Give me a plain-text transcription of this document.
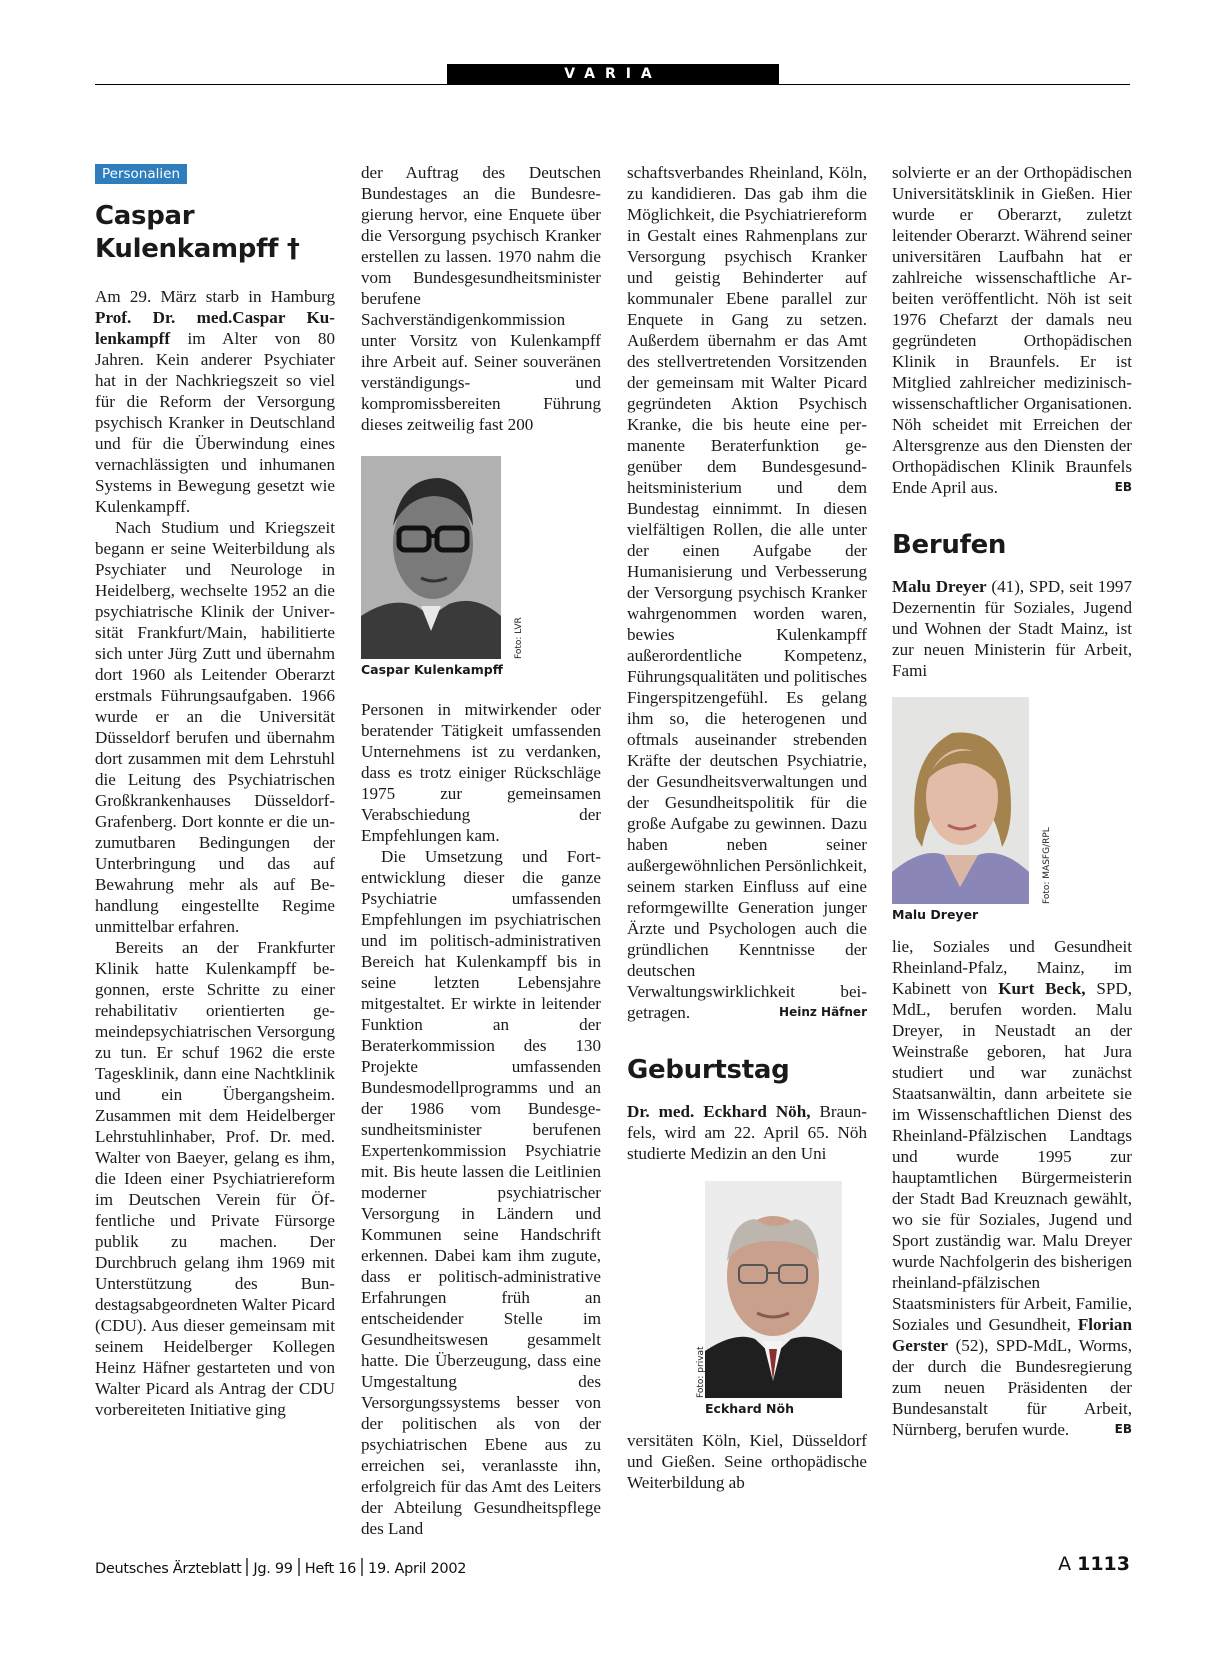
VARIA
Personalien
Caspar
Kulenkampff †

Am 29. März starb in Hamburg Prof. Dr. med.Caspar Kulenkampff im Alter von 80 Jahren. Kein anderer Psychiater hat in der Nachkriegszeit so viel für die Reform der Versorgung psychisch Kranker in Deutschland und für die Überwindung eines vernachlässigten und inhumanen Systems in Bewegung gesetzt wie Kulenkampff.

Nach Studium und Kriegszeit begann er seine Weiterbildung als Psychiater und Neurologe in Heidelberg, wechselte 1952 an die psychiatrische Klinik der Universität Frankfurt/Main, habilitierte sich unter Jürg Zutt und übernahm dort 1960 als Leitender Oberarzt erstmals Führungsaufgaben. 1966 wurde er an die Universität Düsseldorf berufen und übernahm dort zusammen mit dem Lehrstuhl die Leitung des Psychiatrischen Großkrankenhauses Düsseldorf-Grafenberg. Dort konnte er die unzumutbaren Bedingungen der Unterbringung und das auf Bewahrung mehr als auf Behandlung eingestellte Regime unmittelbar erfahren.

Bereits an der Frankfurter Klinik hatte Kulenkampff begonnen, erste Schritte zu einer rehabilitativ orientierten gemeindepsychiatrischen Versorgung zu tun. Er schuf 1962 die erste Tagesklinik, dann eine Nachtklinik und ein Übergangsheim. Zusammen mit dem Heidelberger Lehrstuhlinhaber, Prof. Dr. med. Walter von Baeyer, gelang es ihm, die Ideen einer Psychiatriereform im Deutschen Verein für Öffentliche und Private Fürsorge publik zu machen. Der Durchbruch gelang ihm 1969 mit Unterstützung des Bundestagsabgeordneten Walter Picard (CDU). Aus dieser gemeinsam mit seinem Heidelberger Kollegen Heinz Häfner gestarteten und von Walter Picard als Antrag der CDU vorbereiteten Initiative ging

der Auftrag des Deutschen Bundestages an die Bundesregierung hervor, eine Enquete über die Versorgung psychisch Kranker erstellen zu lassen. 1970 nahm die vom Bundesgesundheitsminister berufene Sachverständigenkommission unter Vorsitz von Kulenkampff ihre Arbeit auf. Seiner souveränen verständigungs- und kompromissbereiten Führung dieses zeitweilig fast 200

Foto: LVR
Caspar Kulenkampff

Personen in mitwirkender oder beratender Tätigkeit umfassenden Unternehmens ist zu verdanken, dass es trotz einiger Rückschläge 1975 zur gemeinsamen Verabschiedung der Empfehlungen kam.

Die Umsetzung und Fortentwicklung dieser die ganze Psychiatrie umfassenden Empfehlungen im psychiatrischen und im politisch-administrativen Bereich hat Kulenkampff bis in seine letzten Lebensjahre mitgestaltet. Er wirkte in leitender Funktion an der Beraterkommission des 130 Projekte umfassenden Bundesmodellprogramms und an der 1986 vom Bundesgesundheitsminister berufenen Expertenkommission Psychiatrie mit. Bis heute lassen die Leitlinien moderner psychiatrischer Versorgung in Ländern und Kommunen seine Handschrift erkennen. Dabei kam ihm zugute, dass er politisch-administrative Erfahrungen früh an entscheidender Stelle im Gesundheitswesen gesammelt hatte. Die Überzeugung, dass eine Umgestaltung des Versorgungssystems besser von der politischen als von der psychiatrischen Ebene aus zu erreichen sei, veranlasste ihn, erfolgreich für das Amt des Leiters der Abteilung Gesundheitspflege des Land

schaftsverbandes Rheinland, Köln, zu kandidieren. Das gab ihm die Möglichkeit, die Psychiatriereform in Gestalt eines Rahmenplans zur Versorgung psychisch Kranker und geistig Behinderter auf kommunaler Ebene parallel zur Enquete in Gang zu setzen. Außerdem übernahm er das Amt des stellvertretenden Vorsitzenden der gemeinsam mit Walter Picard gegründeten Aktion Psychisch Kranke, die bis heute eine permanente Beraterfunktion gegenüber dem Bundesgesundheitsministerium und dem Bundestag einnimmt. In diesen vielfältigen Rollen, die alle unter der einen Aufgabe der Humanisierung und Verbesserung der Versorgung psychisch Kranker wahrgenommen worden waren, bewies Kulenkampff außerordentliche Kompetenz, Führungsqualitäten und politisches Fingerspitzengefühl. Es gelang ihm so, die heterogenen und oftmals auseinander strebenden Kräfte der deutschen Psychiatrie, der Gesundheitsverwaltungen und der Gesundheitspolitik für die große Aufgabe zu gewinnen. Dazu haben neben seiner außergewöhnlichen Persönlichkeit, seinem starken Einfluss auf eine reformgewillte Generation junger Ärzte und Psychologen auch die gründlichen Kenntnisse der deutschen Verwaltungswirklichkeit beigetragen.	Heinz Häfner

Geburtstag

Dr. med. Eckhard Nöh, Braunfels, wird am 22. April 65. Nöh studierte Medizin an den Uni

Foto: privat
Eckhard Nöh

versitäten Köln, Kiel, Düsseldorf und Gießen. Seine orthopädische Weiterbildung ab

solvierte er an der Orthopädischen Universitätsklinik in Gießen. Hier wurde er Oberarzt, zuletzt leitender Oberarzt. Während seiner universitären Laufbahn hat er zahlreiche wissenschaftliche Arbeiten veröffentlicht. Nöh ist seit 1976 Chefarzt der damals neu gegründeten Orthopädischen Klinik in Braunfels. Er ist Mitglied zahlreicher medizinisch-wissenschaftlicher Organisationen. Nöh scheidet mit Erreichen der Altersgrenze aus den Diensten der Orthopädischen Klinik Braunfels Ende April aus.	EB

Berufen

Malu Dreyer (41), SPD, seit 1997 Dezernentin für Soziales, Jugend und Wohnen der Stadt Mainz, ist zur neuen Ministerin für Arbeit, Fami

Foto: MASFG/RPL
Malu Dreyer

lie, Soziales und Gesundheit Rheinland-Pfalz, Mainz, im Kabinett von Kurt Beck, SPD, MdL, berufen worden. Malu Dreyer, in Neustadt an der Weinstraße geboren, hat Jura studiert und war zunächst Staatsanwältin, dann arbeitete sie im Wissenschaftlichen Dienst des Rheinland-Pfälzischen Landtags und wurde 1995 zur hauptamtlichen Bürgermeisterin der Stadt Bad Kreuznach gewählt, wo sie für Soziales, Jugend und Sport zuständig war. Malu Dreyer wurde Nachfolgerin des bisherigen rheinland-pfälzischen Staatsministers für Arbeit, Familie, Soziales und Gesundheit, Florian Gerster (52), SPD-MdL, Worms, der durch die Bundesregierung zum neuen Präsidenten der Bundesanstalt für Arbeit, Nürnberg, berufen wurde.	EB

Deutsches Ärzteblatt Jg. 99 Heft 16 19. April 2002	A 1113
